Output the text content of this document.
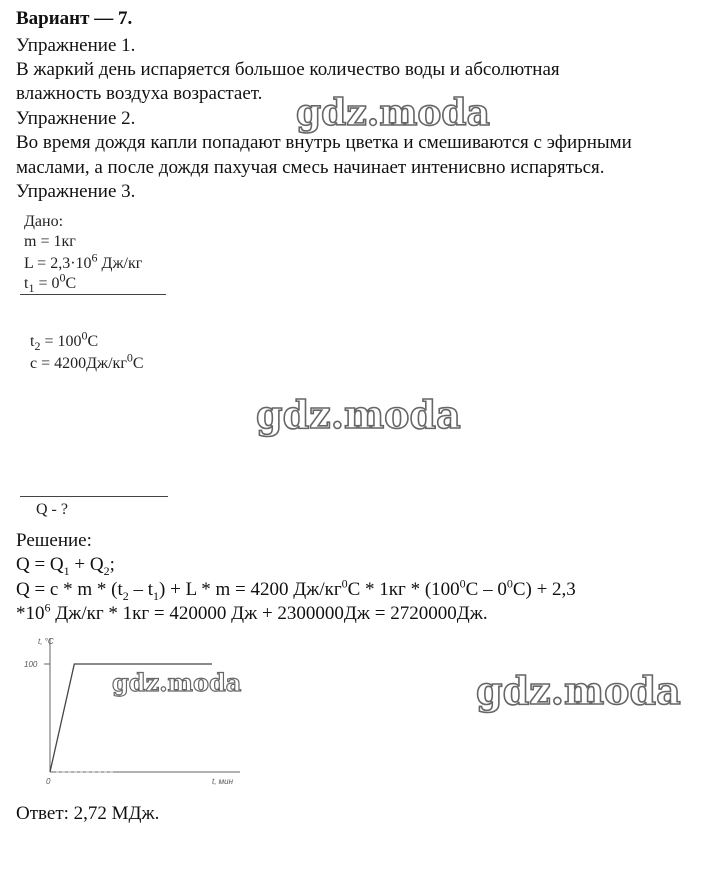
Вариант — 7.
Упражнение 1.
В жаркий день испаряется большое количество воды и абсолютная
влажность воздуха возрастает.
Упражнение 2.
Во время дождя капли попадают внутрь цветка и смешиваются с эфирными
маслами, а после дождя пахучая смесь начинает интенисвно испаряться.
Упражнение 3.
Дано:
m = 1кг
$L = 2,3\cdot 10^6$ Дж/кг
$t_1 = 0^0C$
$t_2 = 100^0C$
$c = 4200Дж/кг^0C$
Q - ?
Решение:
$Q = Q_1 + Q_2$;
$Q = c * m * (t_2 - t_1) + L * m = 4200$ $Дж/кг^0C * 1кг * (100^0C - 0^0C) + 2,3$
$*10^6$ Дж/кг * 1кг = 420000 Дж + 2300000Дж = 2720000Дж.
t, °C
100
0	t, мин
Ответ: 2,72 МДж.
gdz.moda
gdz.moda
gdz.moda	gdz.moda
